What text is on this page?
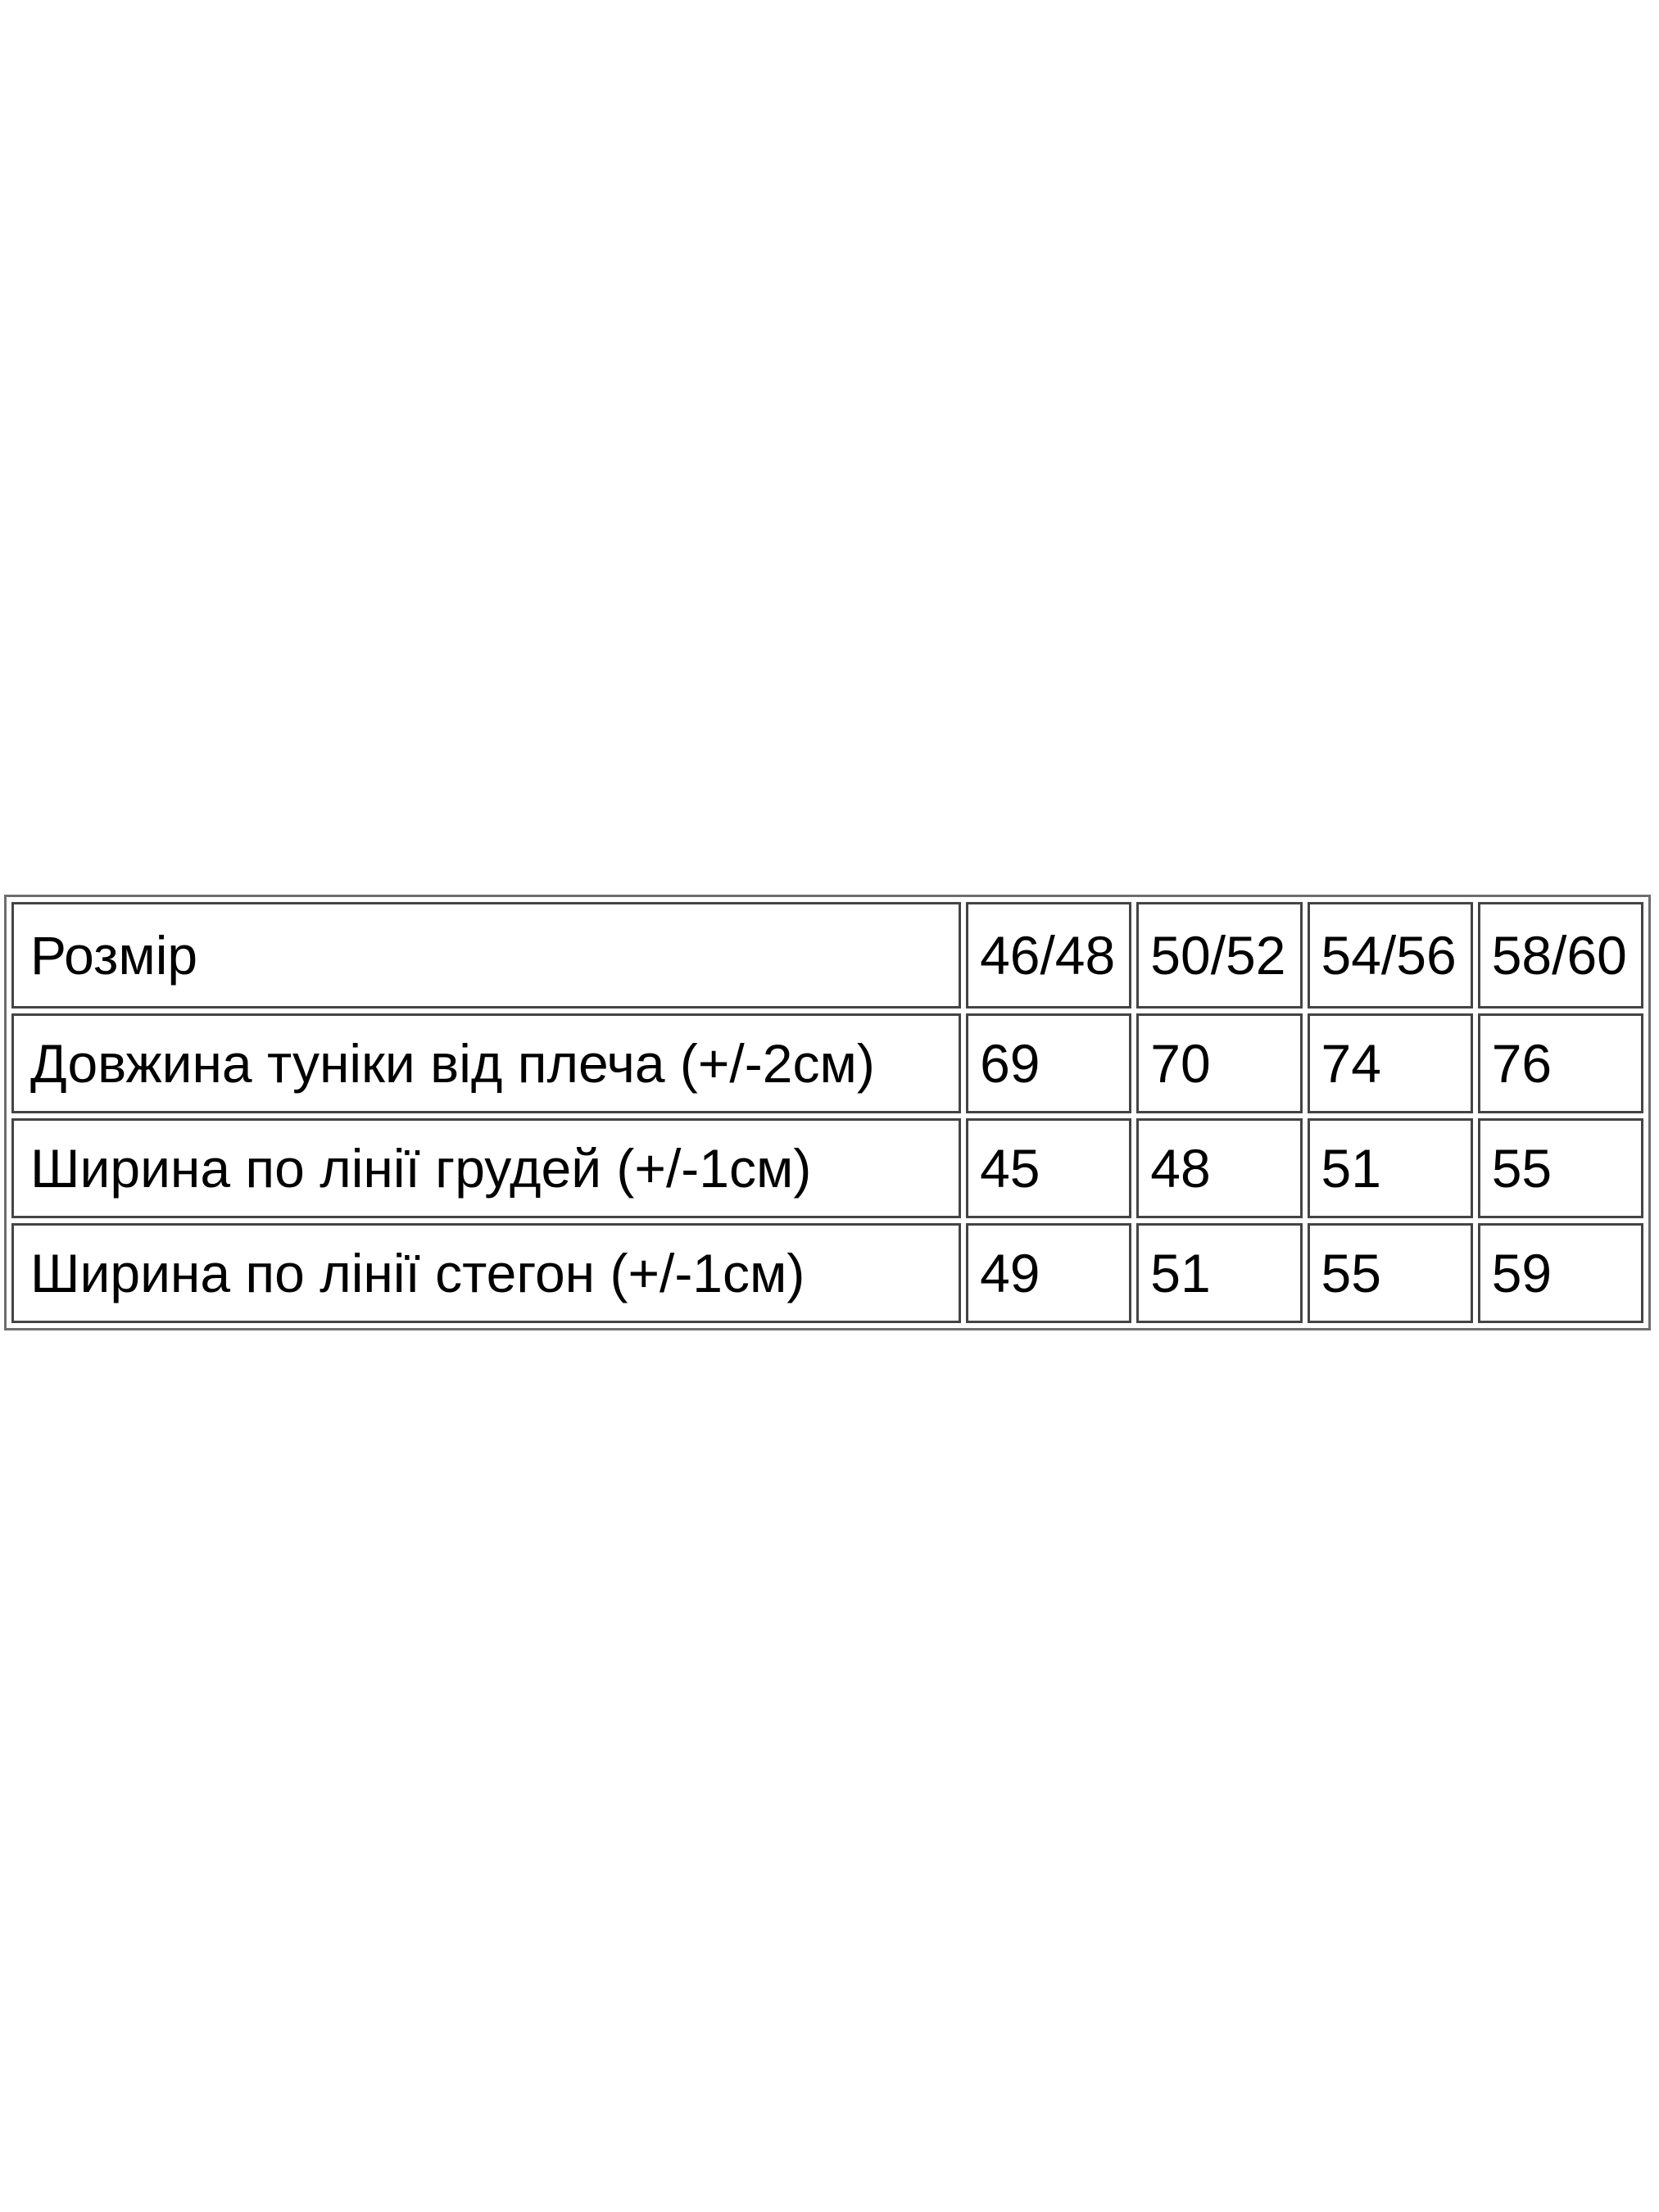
Розмір	46/48	50/52	54/56	58/60
Довжина туніки від плеча (+/-2см)	69	70	74	76
Ширина по лінії грудей (+/-1см)	45	48	51	55
Ширина по лінії стегон (+/-1см)	49	51	55	59
